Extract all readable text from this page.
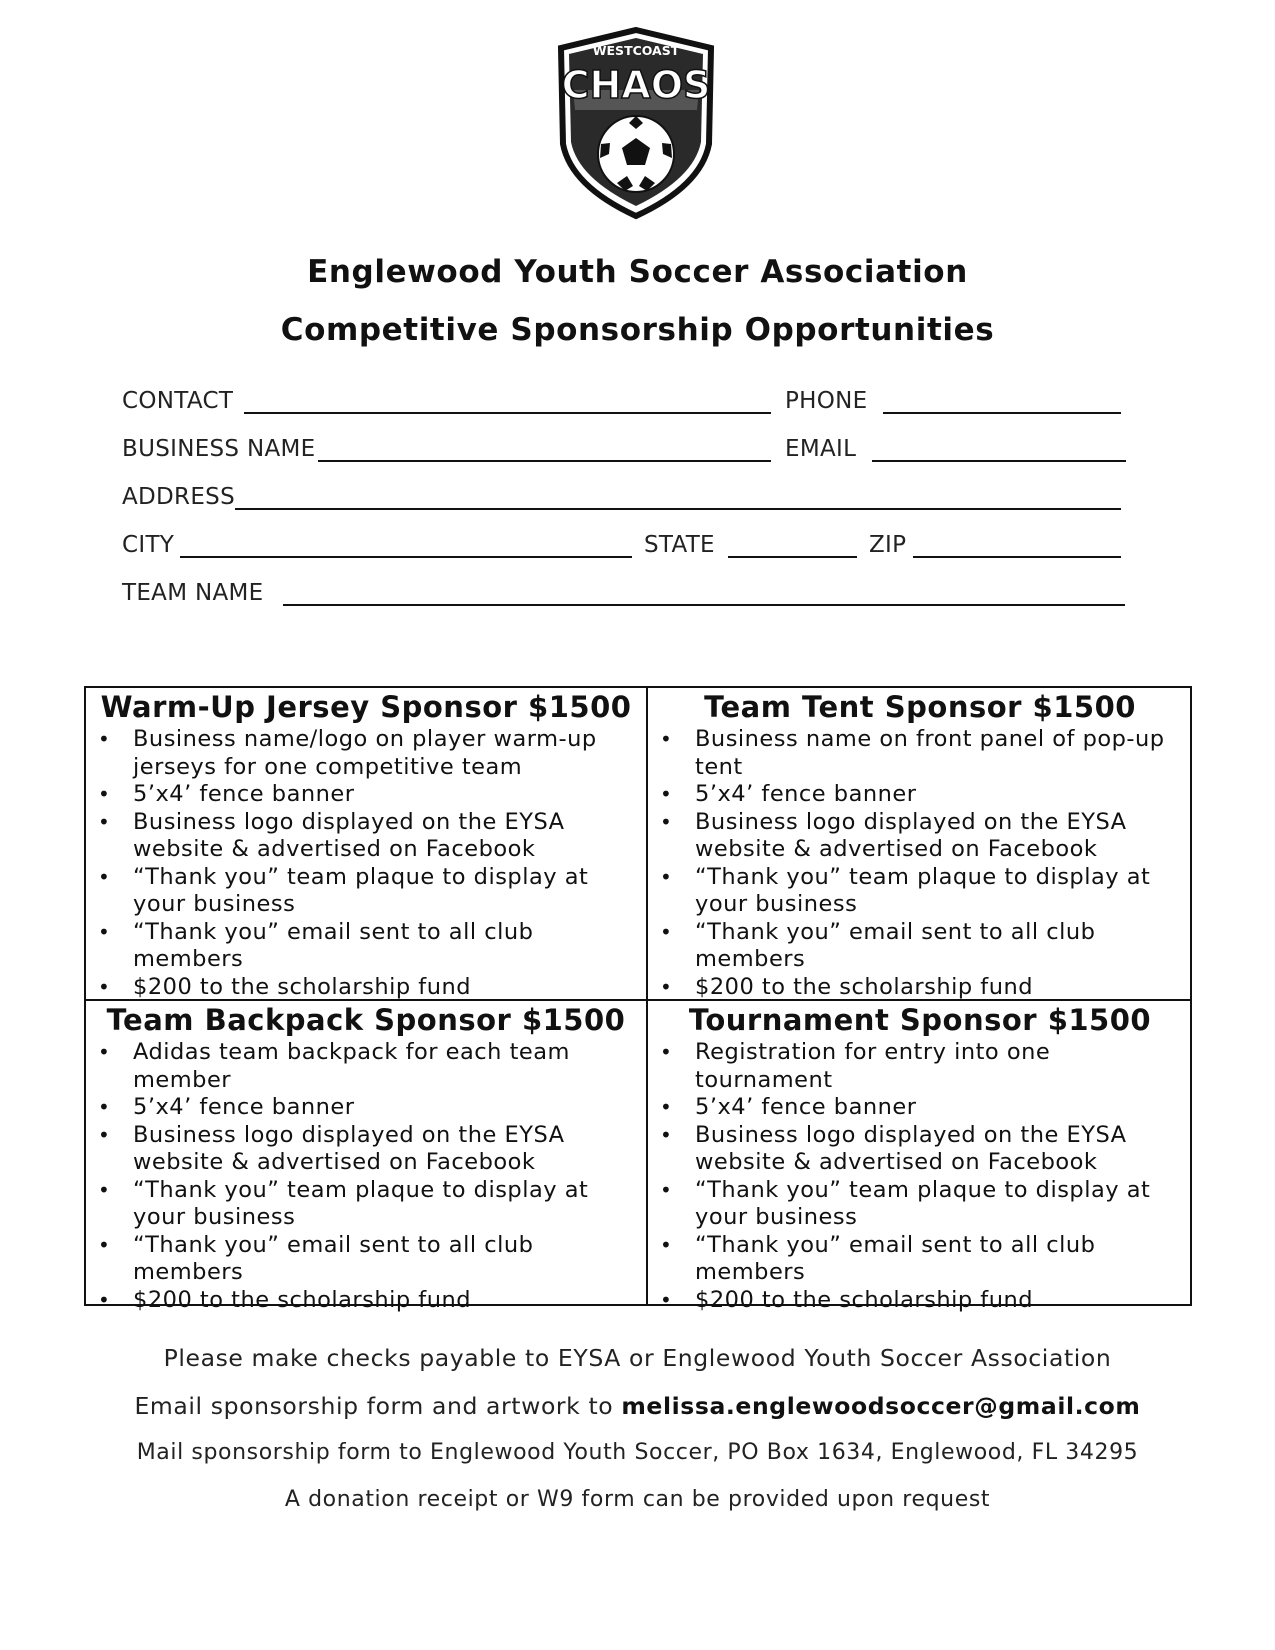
WESTCOAST
CHAOS
Englewood Youth Soccer Association
Competitive Sponsorship Opportunities
CONTACT	PHONE
BUSINESS NAME	EMAIL
ADDRESS
CITY	STATE	ZIP
TEAM NAME
Warm-Up Jersey Sponsor $1500
• Business name/logo on player warm-up jerseys for one competitive team
• 5’x4’ fence banner
• Business logo displayed on the EYSA website & advertised on Facebook
• “Thank you” team plaque to display at your business
• “Thank you” email sent to all club members
• $200 to the scholarship fund
Team Tent Sponsor $1500
• Business name on front panel of pop-up tent
• 5’x4’ fence banner
• Business logo displayed on the EYSA website & advertised on Facebook
• “Thank you” team plaque to display at your business
• “Thank you” email sent to all club members
• $200 to the scholarship fund
Team Backpack Sponsor $1500
• Adidas team backpack for each team member
• 5’x4’ fence banner
• Business logo displayed on the EYSA website & advertised on Facebook
• “Thank you” team plaque to display at your business
• “Thank you” email sent to all club members
• $200 to the scholarship fund
Tournament Sponsor $1500
• Registration for entry into one tournament
• 5’x4’ fence banner
• Business logo displayed on the EYSA website & advertised on Facebook
• “Thank you” team plaque to display at your business
• “Thank you” email sent to all club members
• $200 to the scholarship fund
Please make checks payable to EYSA or Englewood Youth Soccer Association
Email sponsorship form and artwork to melissa.englewoodsoccer@gmail.com
Mail sponsorship form to Englewood Youth Soccer, PO Box 1634, Englewood, FL 34295
A donation receipt or W9 form can be provided upon request
